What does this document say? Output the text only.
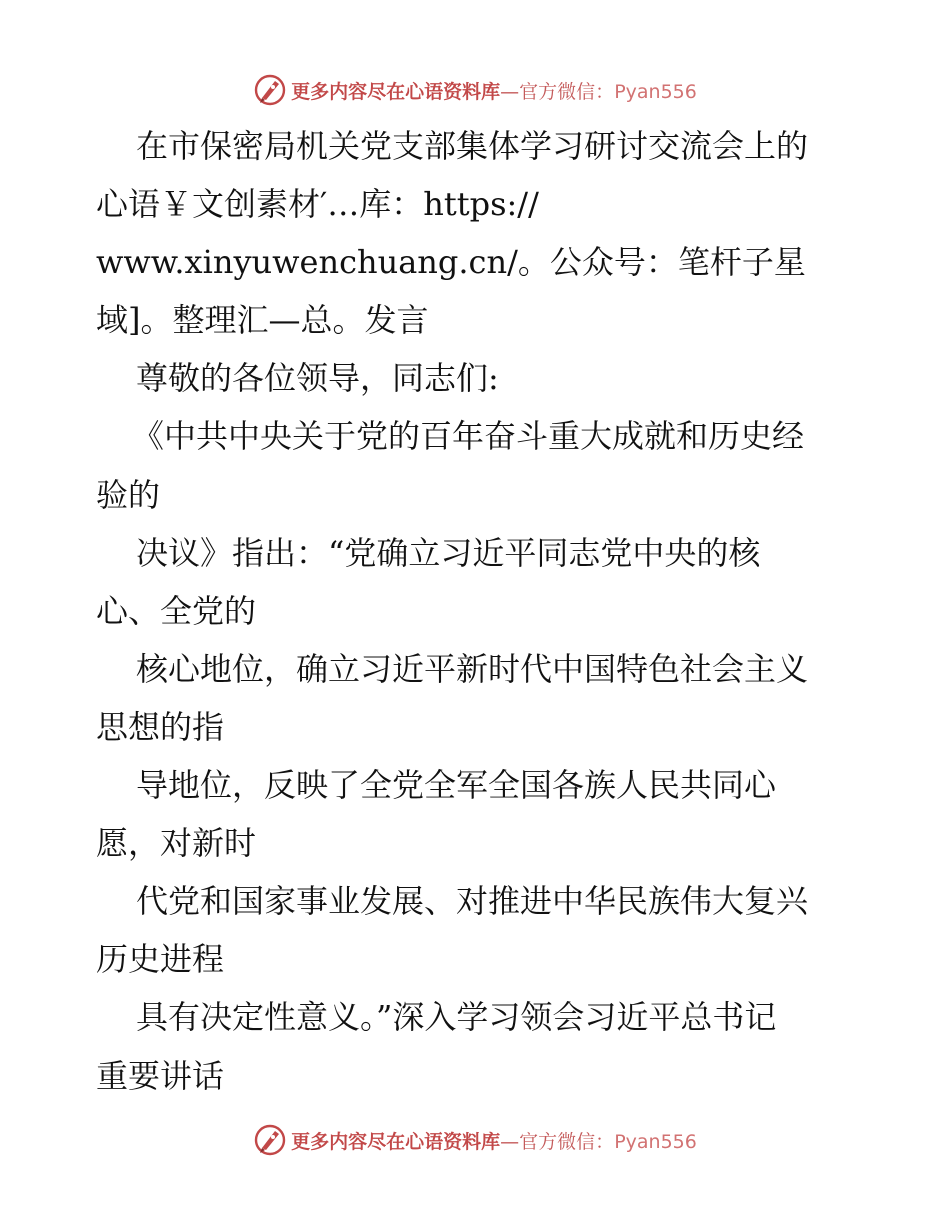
更多内容尽在心语资料库—官方微信：Pyan556
在市保密局机关党支部集体学习研讨交流会上的
心语￥文创素材′…库：https://
www.xinyuwenchuang.cn/。公众号：笔杆子星
域]。整理汇—总。发言
尊敬的各位领导，同志们:
《中共中央关于党的百年奋斗重大成就和历史经
验的
决议》指出：“党确立习近平同志党中央的核
心、全党的
核心地位，确立习近平新时代中国特色社会主义
思想的指
导地位，反映了全党全军全国各族人民共同心
愿，对新时
代党和国家事业发展、对推进中华民族伟大复兴
历史进程
具有决定性意义。”深入学习领会习近平总书记
重要讲话
更多内容尽在心语资料库—官方微信：Pyan556
